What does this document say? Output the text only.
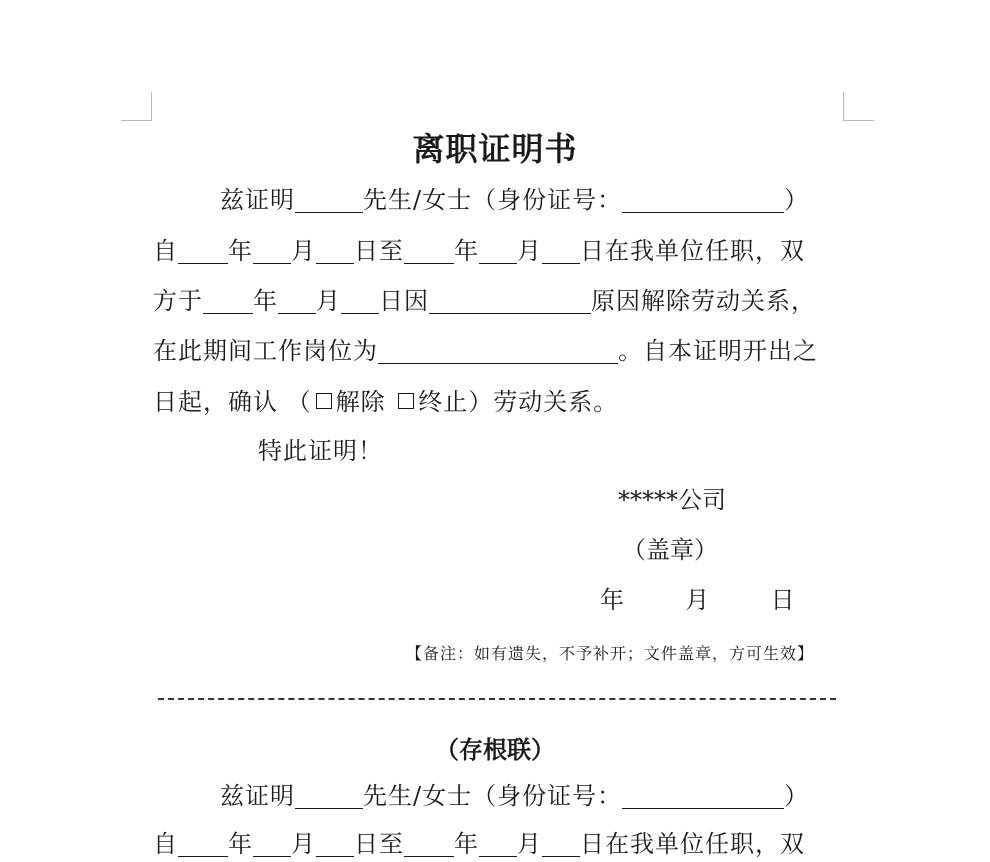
离职证明书
兹证明	先生/女士（身份证号：	）
自 年 月 日至 年 月 日在我单位任职，双
方于 年 月 日因	原因解除劳动关系，
在此期间工作岗位为	。自本证明开出之
日起，确认 （ 解除 终止）劳动关系。
特此证明！
*****公司
（盖章）
年	月	日
【备注：如有遗失，不予补开；文件盖章，方可生效】
（存根联）
兹证明	先生/女士（身份证号：	）
自 年 月 日至 年 月 日在我单位任职，双
